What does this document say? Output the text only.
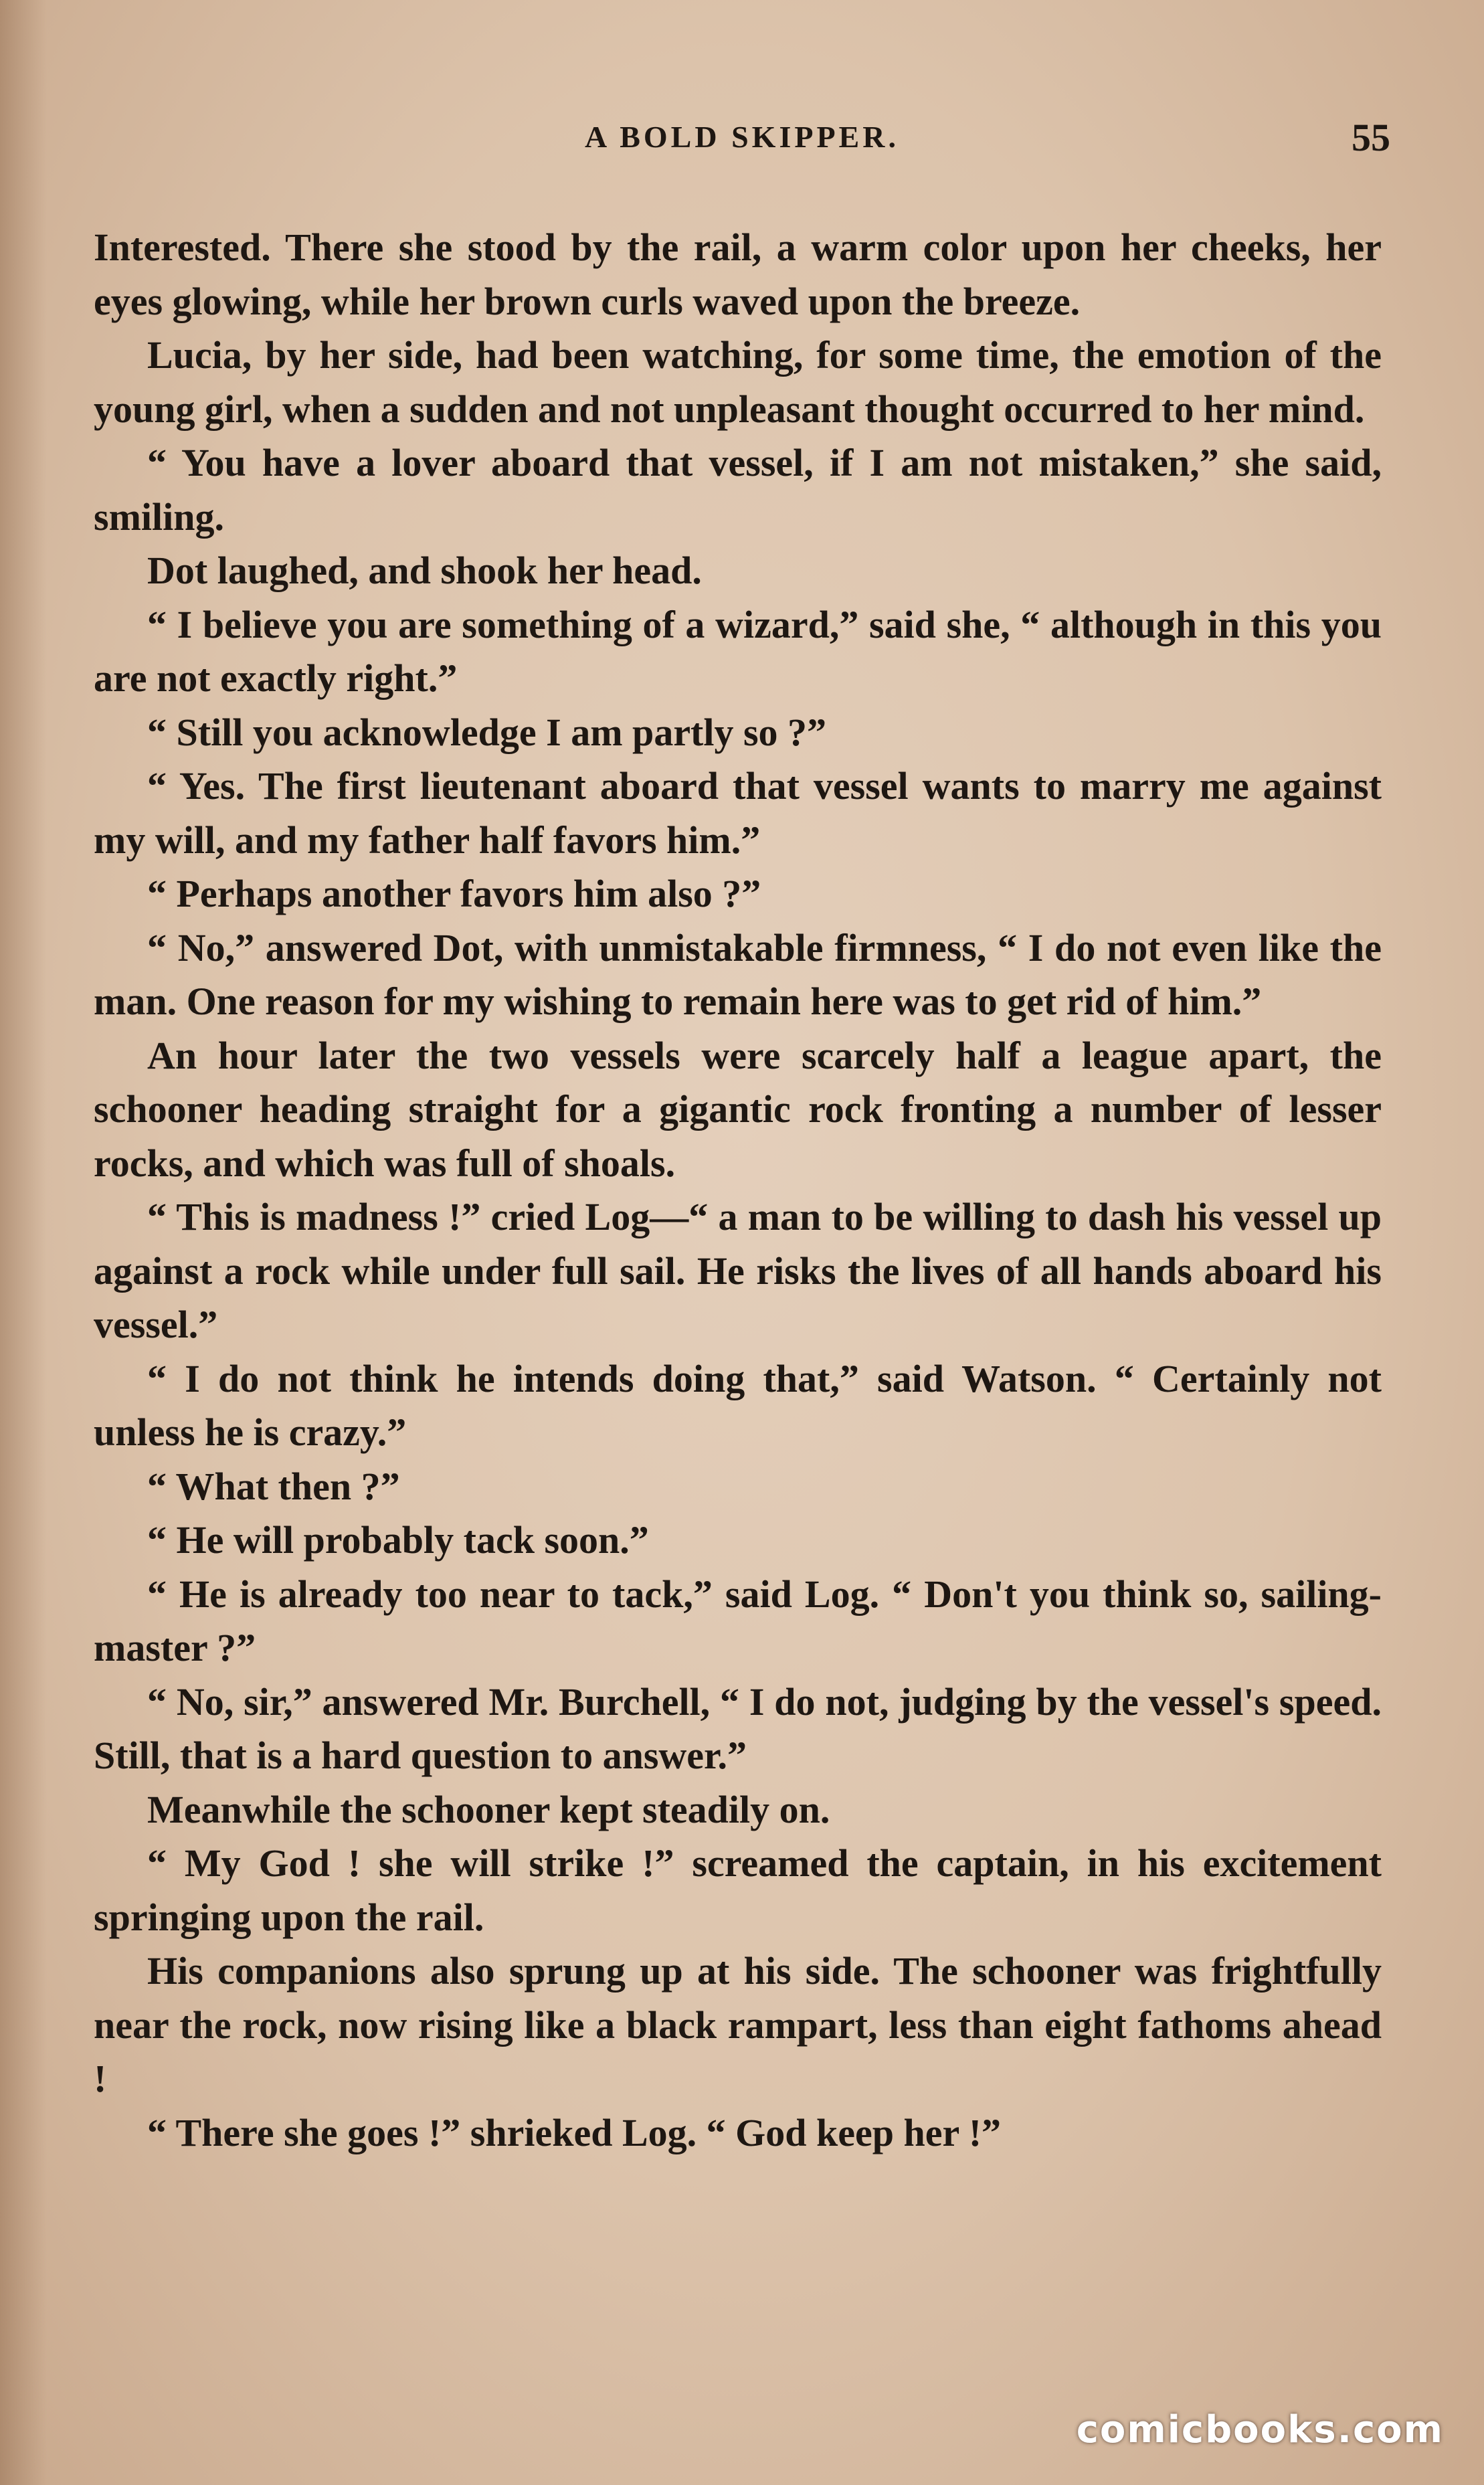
A BOLD SKIPPER.	55

Interested. There she stood by the rail, a warm color upon her cheeks, her eyes glowing, while her brown curls waved upon the breeze.

Lucia, by her side, had been watching, for some time, the emotion of the young girl, when a sudden and not unpleasant thought occurred to her mind.

“ You have a lover aboard that vessel, if I am not mistaken,” she said, smiling.

Dot laughed, and shook her head.

“ I believe you are something of a wizard,” said she, “ although in this you are not exactly right.”

“ Still you acknowledge I am partly so ?”

“ Yes. The first lieutenant aboard that vessel wants to marry me against my will, and my father half favors him.”

“ Perhaps another favors him also ?”

“ No,” answered Dot, with unmistakable firmness, “ I do not even like the man. One reason for my wishing to remain here was to get rid of him.”

An hour later the two vessels were scarcely half a league apart, the schooner heading straight for a gigantic rock fronting a number of lesser rocks, and which was full of shoals.

“ This is madness !” cried Log—“ a man to be willing to dash his vessel up against a rock while under full sail. He risks the lives of all hands aboard his vessel.”

“ I do not think he intends doing that,” said Watson. “ Certainly not unless he is crazy.”

“ What then ?”

“ He will probably tack soon.”

“ He is already too near to tack,” said Log. “ Don't you think so, sailing-master ?”

“ No, sir,” answered Mr. Burchell, “ I do not, judging by the vessel's speed. Still, that is a hard question to answer.”

Meanwhile the schooner kept steadily on.

“ My God ! she will strike !” screamed the captain, in his excitement springing upon the rail.

His companions also sprung up at his side. The schooner was frightfully near the rock, now rising like a black rampart, less than eight fathoms ahead !

“ There she goes !” shrieked Log. “ God keep her !”

comicbooks.com
